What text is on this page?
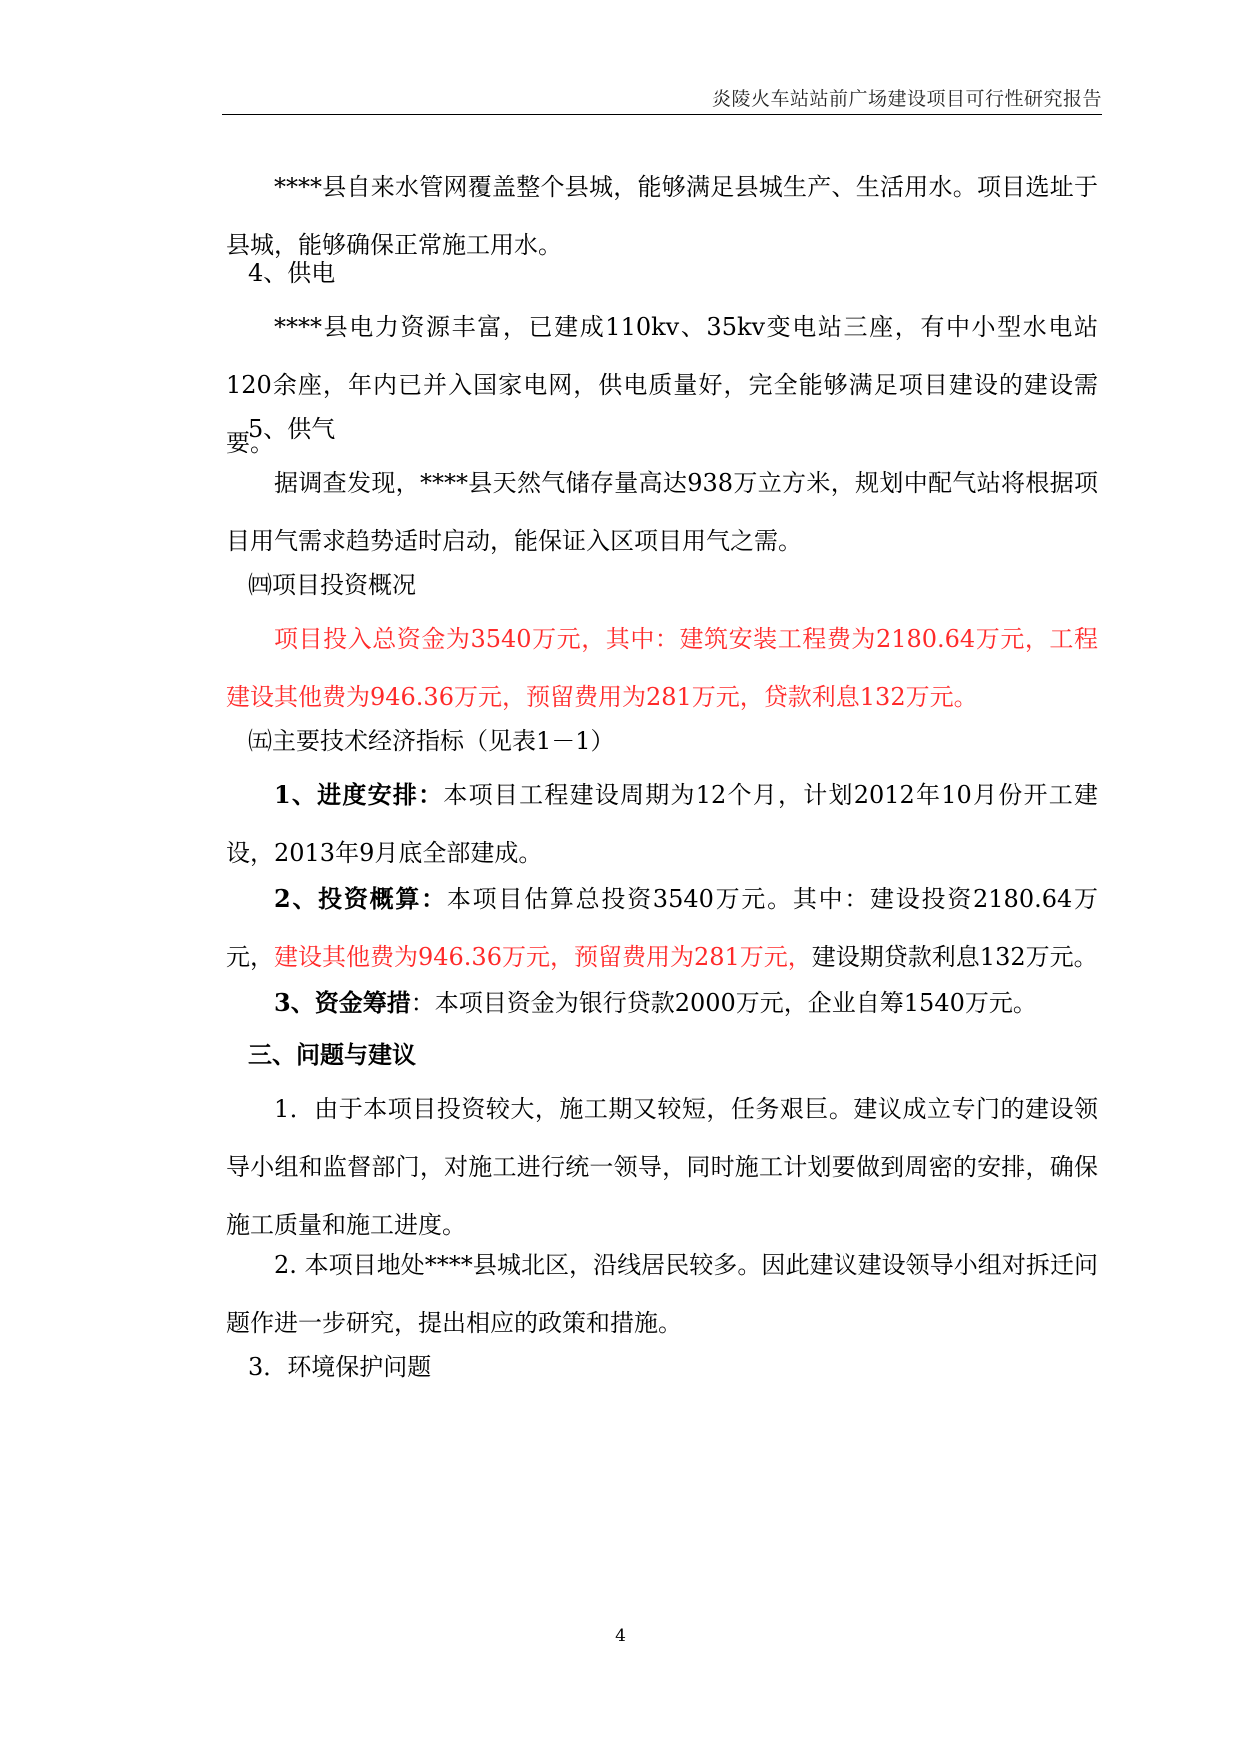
炎陵火车站站前广场建设项目可行性研究报告

****县自来水管网覆盖整个县城，能够满足县城生产、生活用水。项目选址于县城，能够确保正常施工用水。

4、供电

****县电力资源丰富，已建成110kv、35kv变电站三座，有中小型水电站120余座，年内已并入国家电网，供电质量好，完全能够满足项目建设的建设需要。

5、供气

据调查发现，****县天然气储存量高达938万立方米，规划中配气站将根据项目用气需求趋势适时启动，能保证入区项目用气之需。

㈣项目投资概况

项目投入总资金为3540万元，其中：建筑安装工程费为2180.64万元，工程建设其他费为946.36万元，预留费用为281万元，贷款利息132万元。

㈤主要技术经济指标（见表1－1）

1、进度安排：本项目工程建设周期为12个月，计划2012年10月份开工建设，2013年9月底全部建成。

2、投资概算：本项目估算总投资3540万元。其中：建设投资2180.64万元，建设其他费为946.36万元，预留费用为281万元，建设期贷款利息132万元。

3、资金筹措：本项目资金为银行贷款2000万元，企业自筹1540万元。

三、问题与建议

1．由于本项目投资较大，施工期又较短，任务艰巨。建议成立专门的建设领导小组和监督部门，对施工进行统一领导，同时施工计划要做到周密的安排，确保施工质量和施工进度。

2. 本项目地处****县城北区，沿线居民较多。因此建议建设领导小组对拆迁问题作进一步研究，提出相应的政策和措施。

3．环境保护问题
4
